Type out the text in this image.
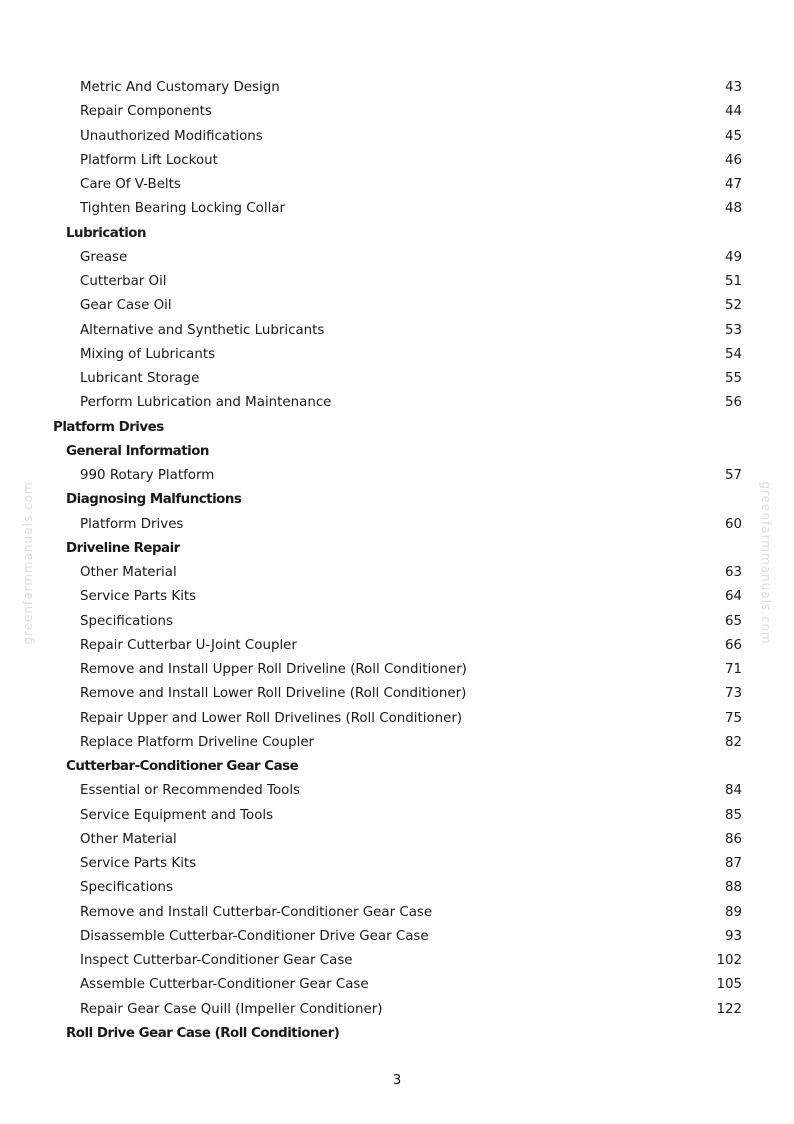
Metric And Customary Design	43
Repair Components	44
Unauthorized Modifications	45
Platform Lift Lockout	46
Care Of V-Belts	47
Tighten Bearing Locking Collar	48
Lubrication
Grease	49
Cutterbar Oil	51
Gear Case Oil	52
Alternative and Synthetic Lubricants	53
Mixing of Lubricants	54
Lubricant Storage	55
Perform Lubrication and Maintenance	56
Platform Drives
General Information
990 Rotary Platform	57
Diagnosing Malfunctions
Platform Drives	60
Driveline Repair
Other Material	63
Service Parts Kits	64
Specifications	65
Repair Cutterbar U-Joint Coupler	66
Remove and Install Upper Roll Driveline (Roll Conditioner)	71
Remove and Install Lower Roll Driveline (Roll Conditioner)	73
Repair Upper and Lower Roll Drivelines (Roll Conditioner)	75
Replace Platform Driveline Coupler	82
Cutterbar-Conditioner Gear Case
Essential or Recommended Tools	84
Service Equipment and Tools	85
Other Material	86
Service Parts Kits	87
Specifications	88
Remove and Install Cutterbar-Conditioner Gear Case	89
Disassemble Cutterbar-Conditioner Drive Gear Case	93
Inspect Cutterbar-Conditioner Gear Case	102
Assemble Cutterbar-Conditioner Gear Case	105
Repair Gear Case Quill (Impeller Conditioner)	122
Roll Drive Gear Case (Roll Conditioner)
3
greenfarmmanuals.com	greenfarmmanuals.com
